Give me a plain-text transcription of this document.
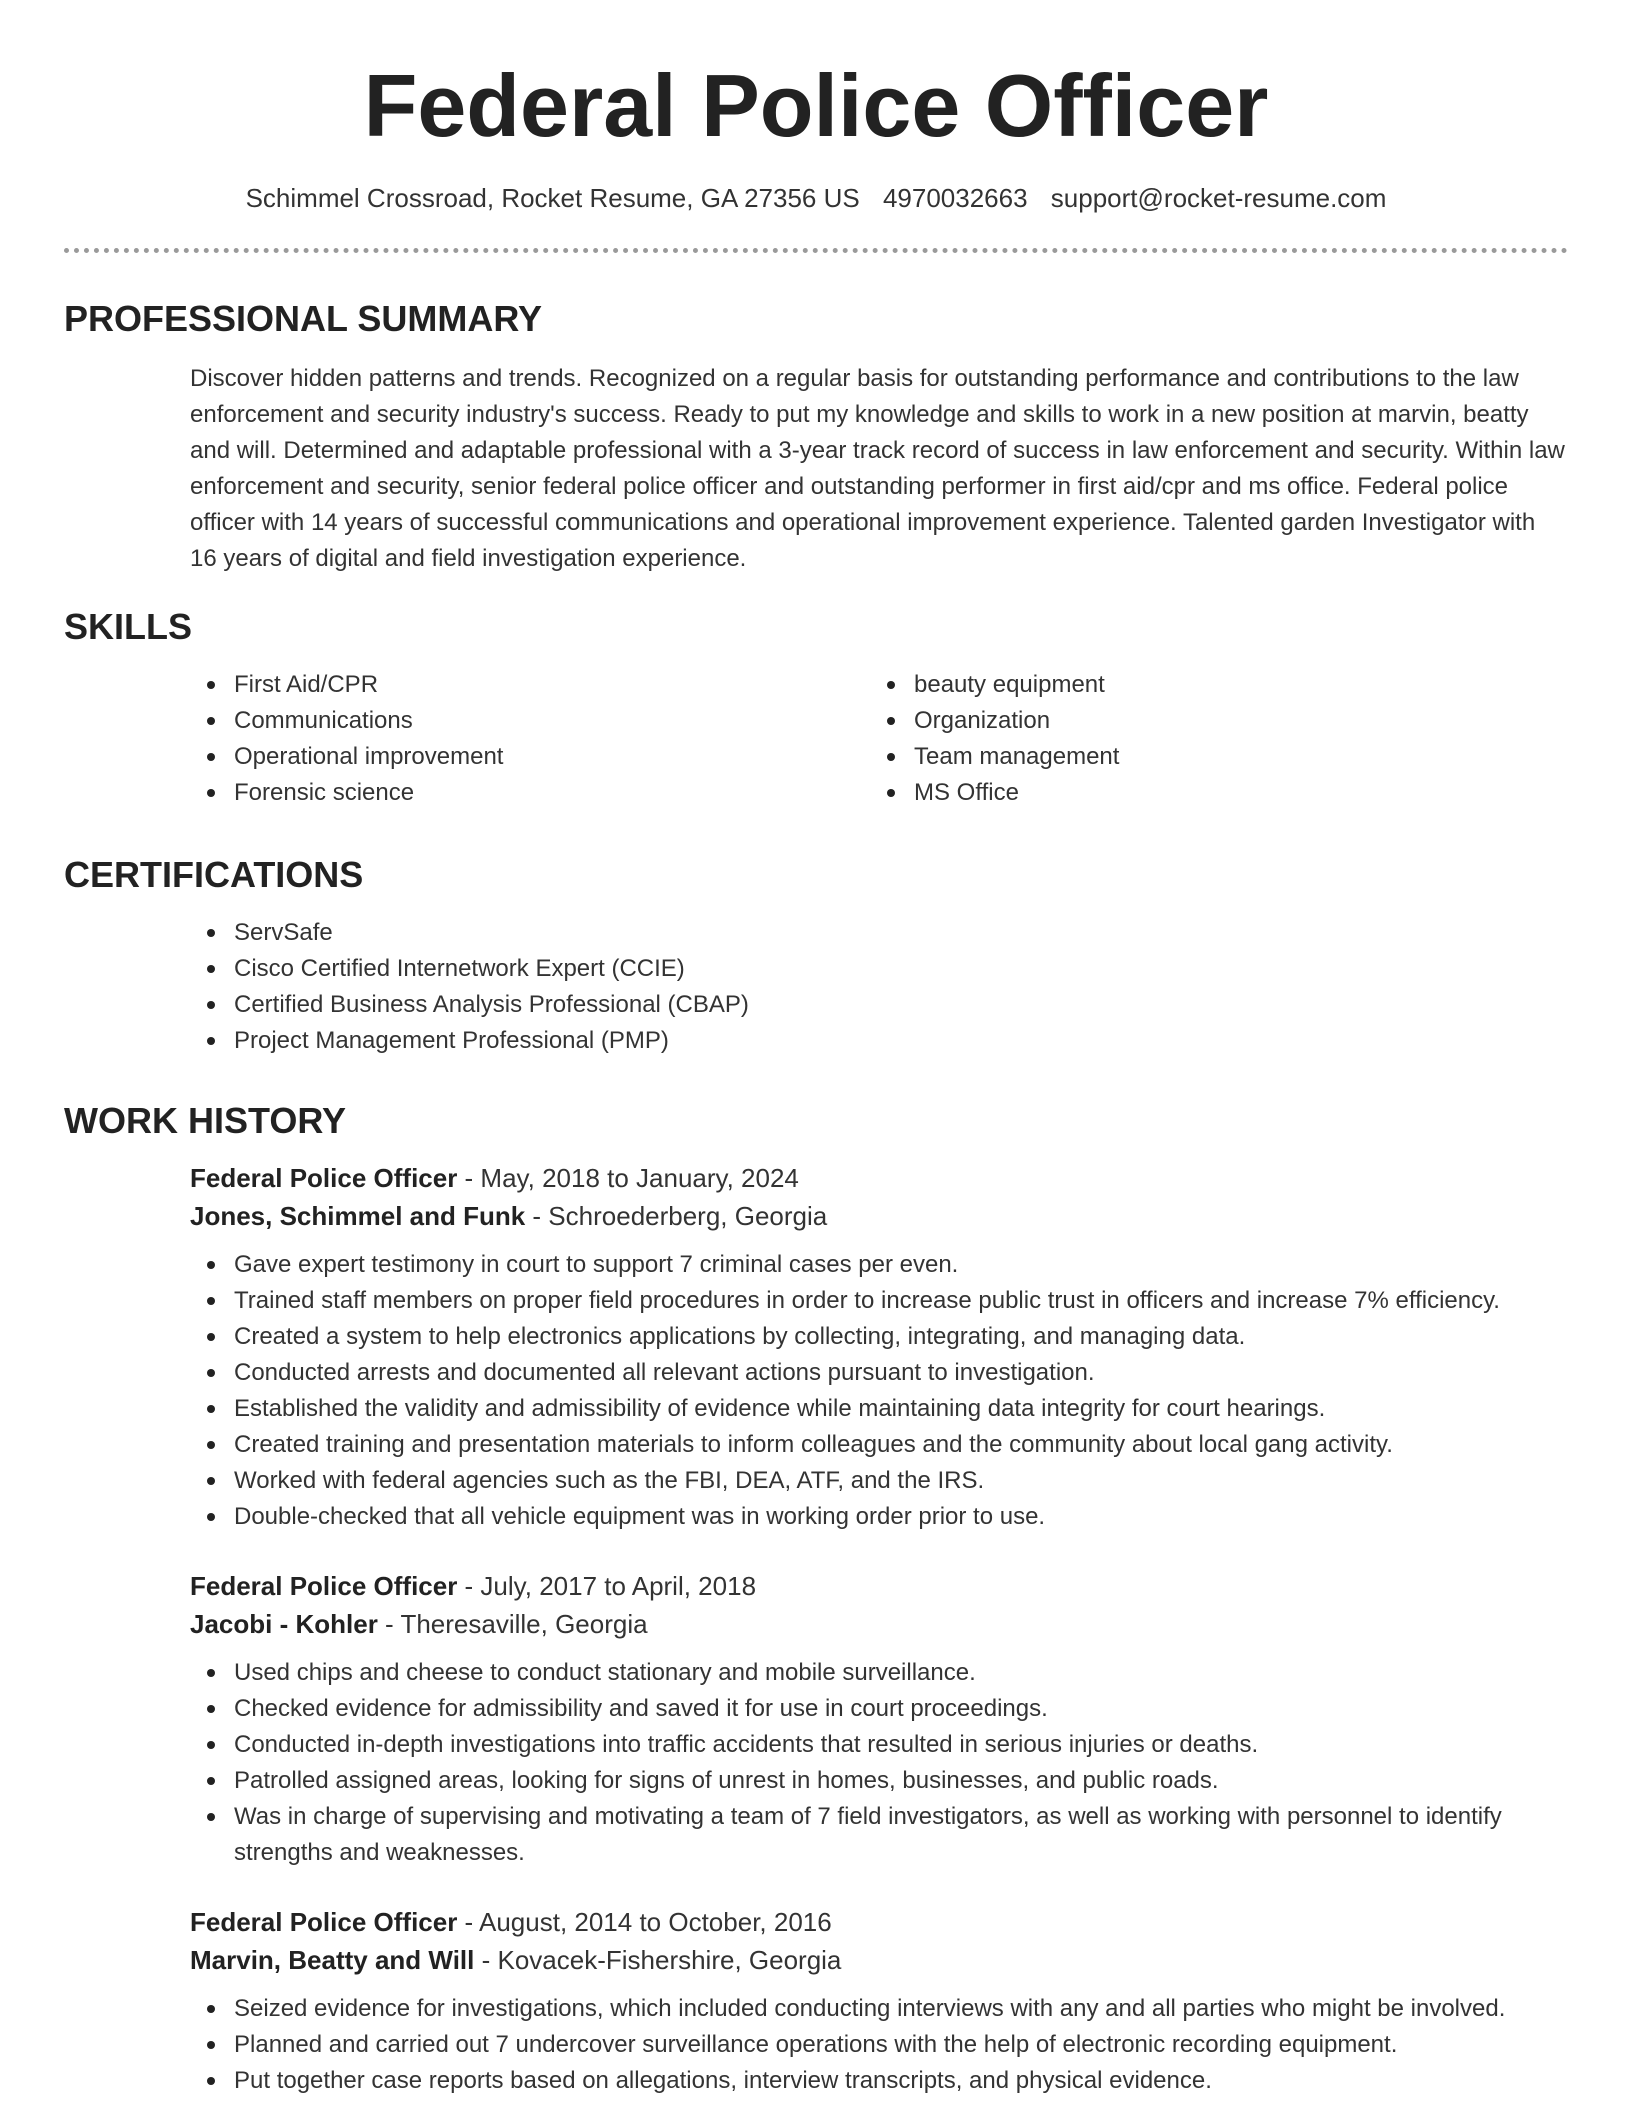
Federal Police Officer
Schimmel Crossroad, Rocket Resume, GA 27356 US 4970032663 support@rocket-resume.com
PROFESSIONAL SUMMARY

Discover hidden patterns and trends. Recognized on a regular basis for outstanding performance and contributions to the law enforcement and security industry's success. Ready to put my knowledge and skills to work in a new position at marvin, beatty and will. Determined and adaptable professional with a 3-year track record of success in law enforcement and security. Within law enforcement and security, senior federal police officer and outstanding performer in first aid/cpr and ms office. Federal police officer with 14 years of successful communications and operational improvement experience. Talented garden Investigator with 16 years of digital and field investigation experience.

SKILLS
First Aid/CPR
Communications
Operational improvement
Forensic science
beauty equipment
Organization
Team management
MS Office
CERTIFICATIONS
ServSafe
Cisco Certified Internetwork Expert (CCIE)
Certified Business Analysis Professional (CBAP)
Project Management Professional (PMP)
WORK HISTORY
Federal Police Officer - May, 2018 to January, 2024
Jones, Schimmel and Funk - Schroederberg, Georgia
Gave expert testimony in court to support 7 criminal cases per even.
Trained staff members on proper field procedures in order to increase public trust in officers and increase 7% efficiency.
Created a system to help electronics applications by collecting, integrating, and managing data.
Conducted arrests and documented all relevant actions pursuant to investigation.
Established the validity and admissibility of evidence while maintaining data integrity for court hearings.
Created training and presentation materials to inform colleagues and the community about local gang activity.
Worked with federal agencies such as the FBI, DEA, ATF, and the IRS.
Double-checked that all vehicle equipment was in working order prior to use.
Federal Police Officer - July, 2017 to April, 2018
Jacobi - Kohler - Theresaville, Georgia
Used chips and cheese to conduct stationary and mobile surveillance.
Checked evidence for admissibility and saved it for use in court proceedings.
Conducted in-depth investigations into traffic accidents that resulted in serious injuries or deaths.
Patrolled assigned areas, looking for signs of unrest in homes, businesses, and public roads.
Was in charge of supervising and motivating a team of 7 field investigators, as well as working with personnel to identify strengths and weaknesses.
Federal Police Officer - August, 2014 to October, 2016
Marvin, Beatty and Will - Kovacek-Fishershire, Georgia
Seized evidence for investigations, which included conducting interviews with any and all parties who might be involved.
Planned and carried out 7 undercover surveillance operations with the help of electronic recording equipment.
Put together case reports based on allegations, interview transcripts, and physical evidence.
